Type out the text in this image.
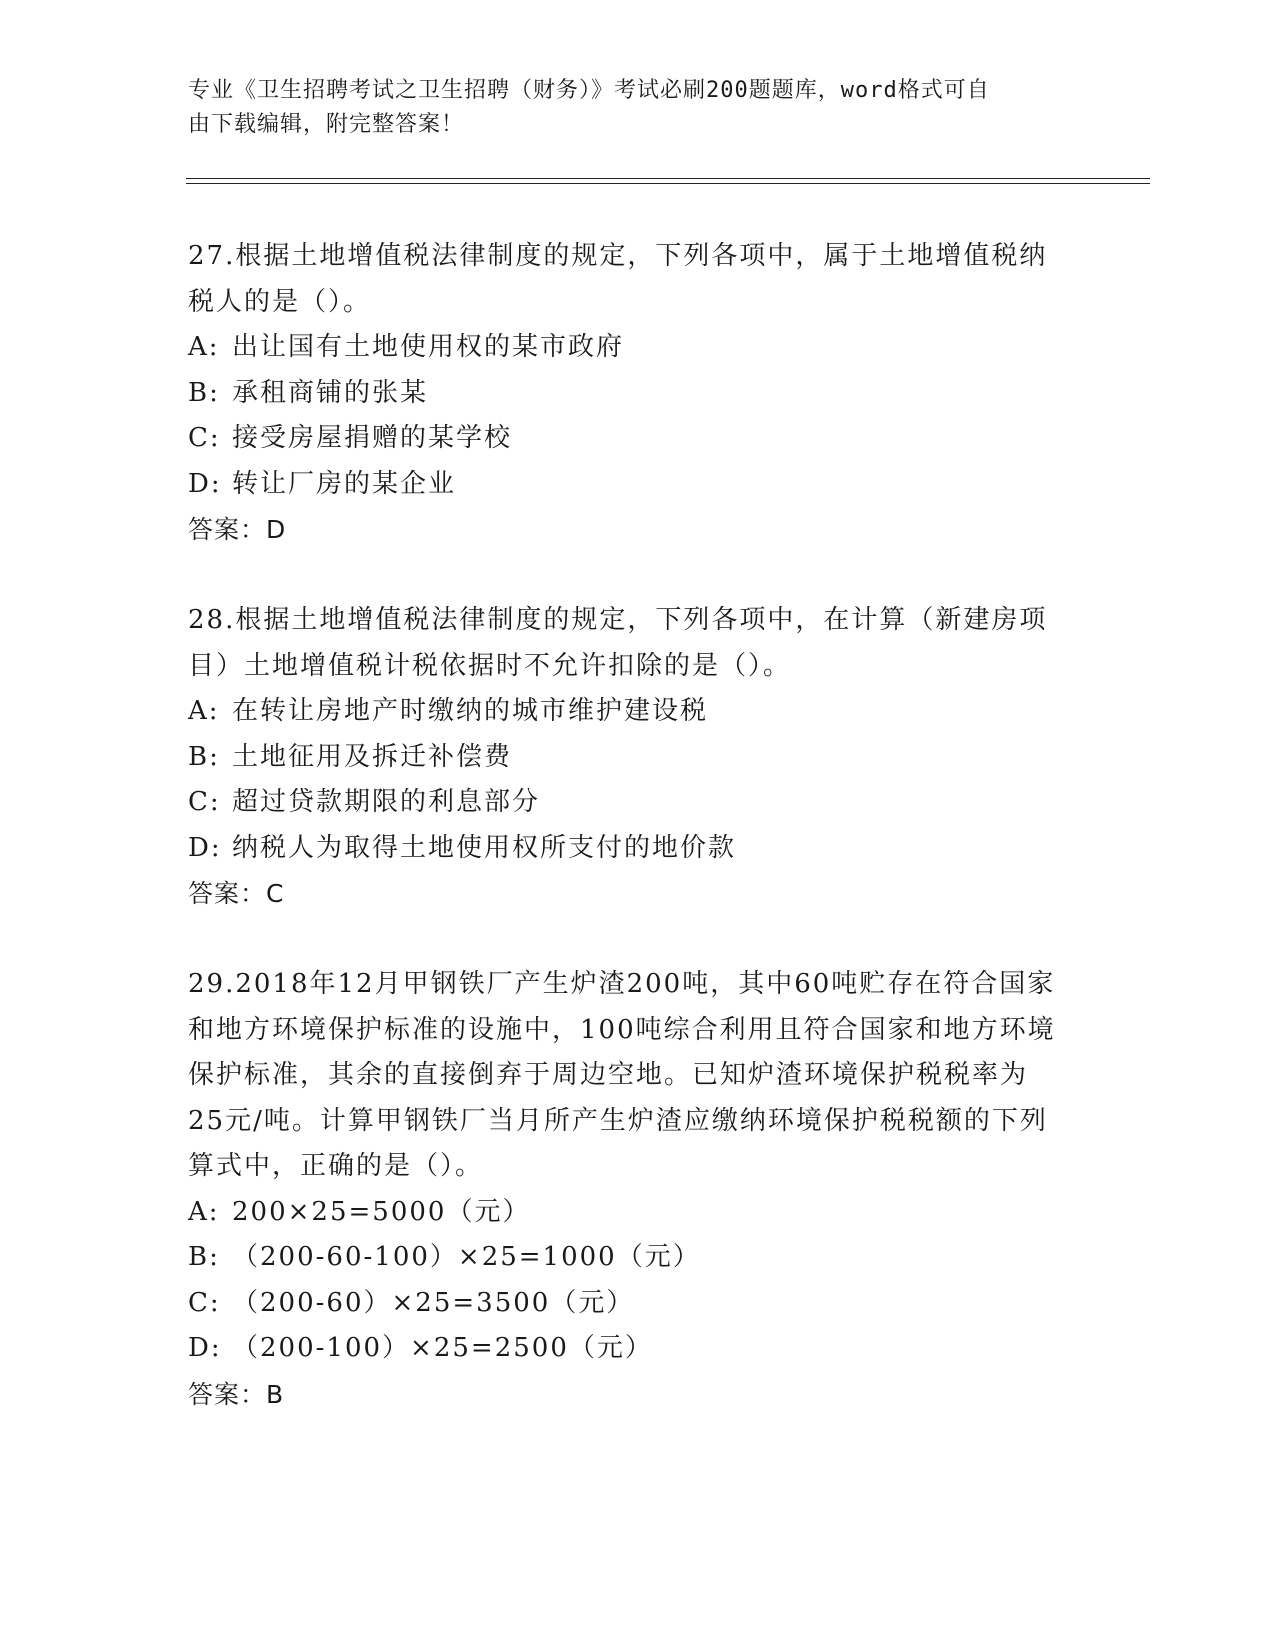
专业《卫生招聘考试之卫生招聘（财务）》考试必刷200题题库，word格式可自
由下载编辑，附完整答案！
27.根据土地增值税法律制度的规定，下列各项中，属于土地增值税纳
税人的是（）。
A: 出让国有土地使用权的某市政府
B: 承租商铺的张某
C: 接受房屋捐赠的某学校
D: 转让厂房的某企业
答案：D
28.根据土地增值税法律制度的规定，下列各项中，在计算（新建房项
目）土地增值税计税依据时不允许扣除的是（）。
A: 在转让房地产时缴纳的城市维护建设税
B: 土地征用及拆迁补偿费
C: 超过贷款期限的利息部分
D: 纳税人为取得土地使用权所支付的地价款
答案：C
29.2018年12月甲钢铁厂产生炉渣200吨，其中60吨贮存在符合国家
和地方环境保护标准的设施中，100吨综合利用且符合国家和地方环境
保护标准，其余的直接倒弃于周边空地。已知炉渣环境保护税税率为
25元/吨。计算甲钢铁厂当月所产生炉渣应缴纳环境保护税税额的下列
算式中，正确的是（）。
A: 200×25=5000（元）
B: （200-60-100）×25=1000（元）
C: （200-60）×25=3500（元）
D: （200-100）×25=2500（元）
答案：B
